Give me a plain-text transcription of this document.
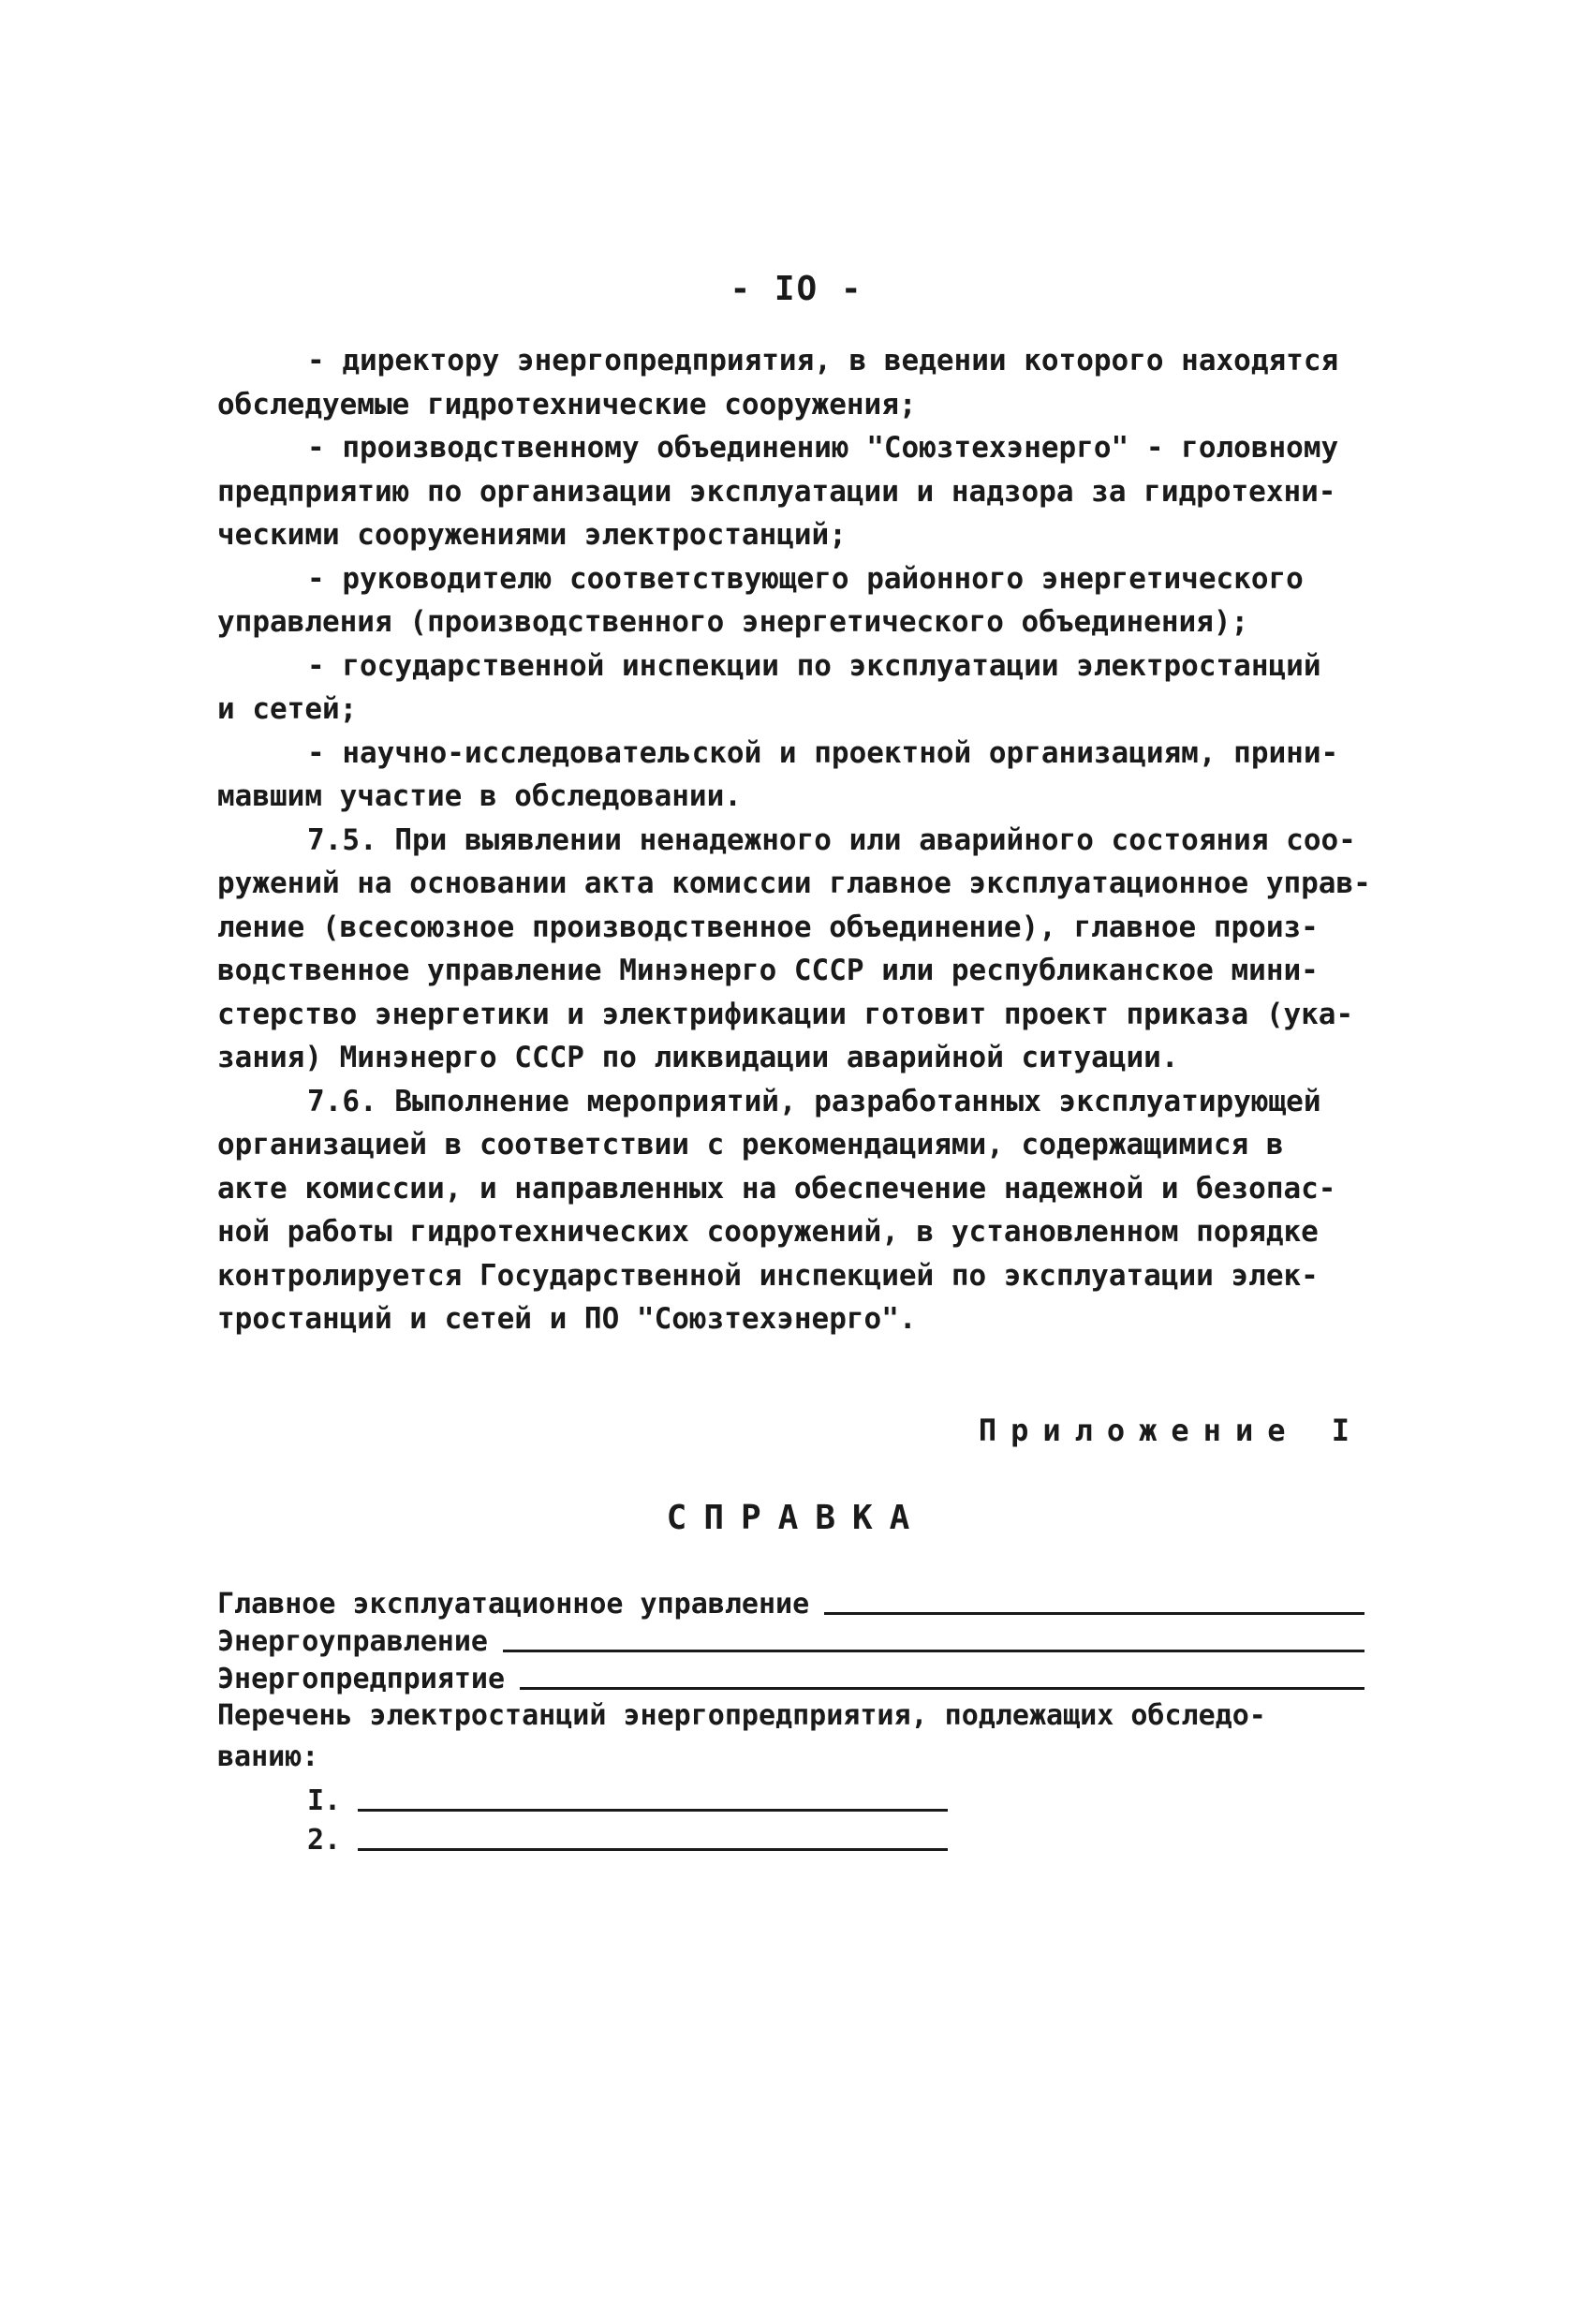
- IO -
- директору энергопредприятия, в ведении которого находятся
обследуемые гидротехнические сооружения;
- производственному объединению "Союзтехэнерго" - головному
предприятию по организации эксплуатации и надзора за гидротехни-
ческими сооружениями электростанций;
- руководителю соответствующего районного энергетического
управления (производственного энергетического объединения);
- государственной инспекции по эксплуатации электростанций
и сетей;
- научно-исследовательской и проектной организациям, прини-
мавшим участие в обследовании.
7.5. При выявлении ненадежного или аварийного состояния соо-
ружений на основании акта комиссии главное эксплуатационное управ-
ление (всесоюзное производственное объединение), главное произ-
водственное управление Минэнерго СССР или республиканское мини-
стерство энергетики и электрификации готовит проект приказа (ука-
зания) Минэнерго СССР по ликвидации аварийной ситуации.
7.6. Выполнение мероприятий, разработанных эксплуатирующей
организацией в соответствии с рекомендациями, содержащимися в
акте комиссии, и направленных на обеспечение надежной и безопас-
ной работы гидротехнических сооружений, в установленном порядке
контролируется Государственной инспекцией по эксплуатации элек-
тростанций и сетей и ПО "Союзтехэнерго".
Приложение I
СПРАВКА
Главное эксплуатационное управление
Энергоуправление
Энергопредприятие
Перечень электростанций энергопредприятия, подлежащих обследо-
ванию:
I.
2.
